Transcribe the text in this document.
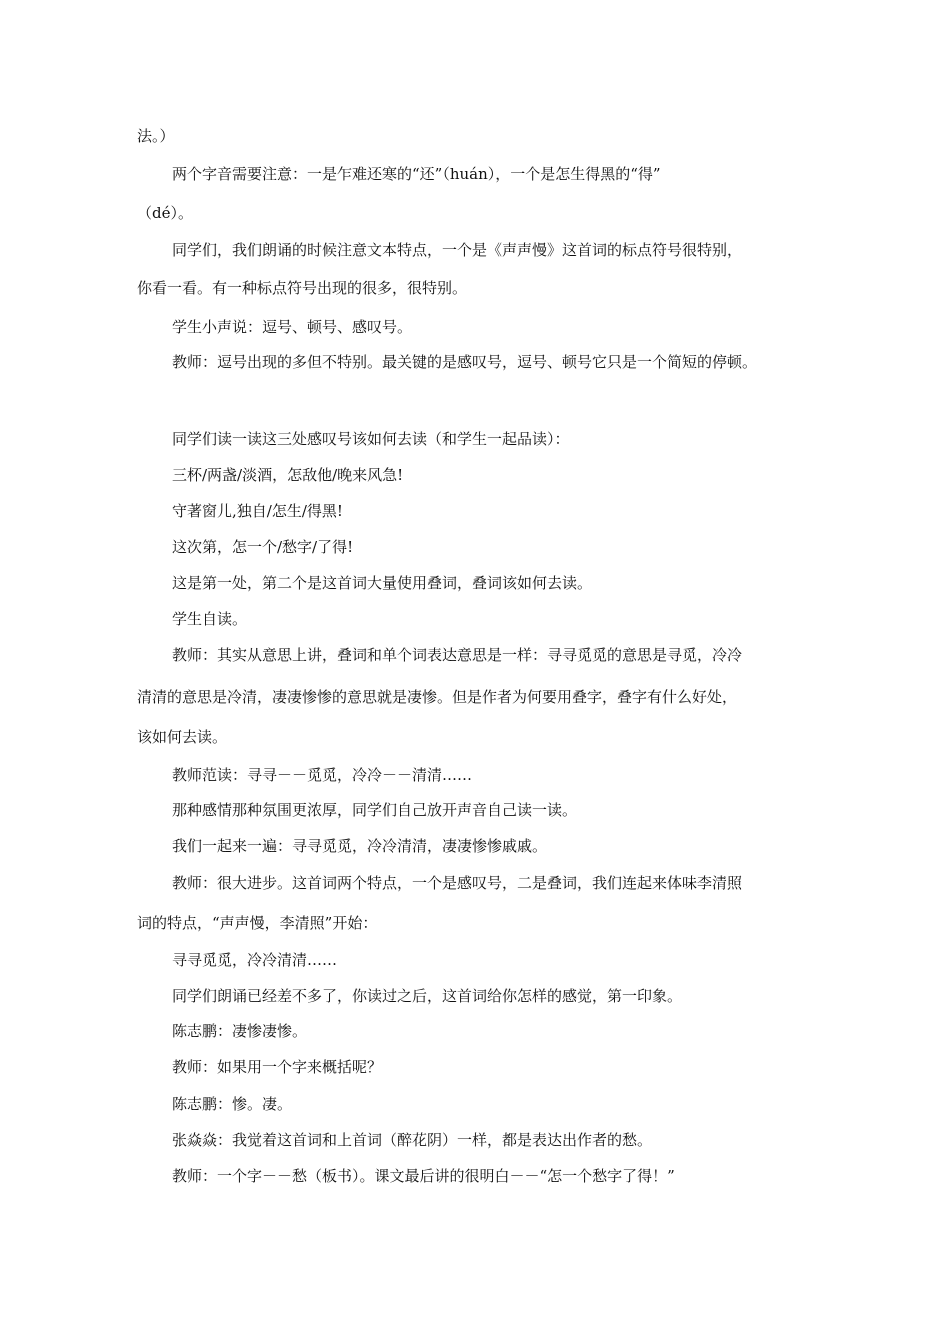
法。）
两个字音需要注意：一是乍难还寒的“还”（huán），一个是怎生得黑的“得”
（dé）。
同学们，我们朗诵的时候注意文本特点，一个是《声声慢》这首词的标点符号很特别，
你看一看。有一种标点符号出现的很多，很特别。
学生小声说：逗号、顿号、感叹号。
教师：逗号出现的多但不特别。最关键的是感叹号，逗号、顿号它只是一个简短的停顿。
同学们读一读这三处感叹号该如何去读（和学生一起品读）：
三杯/两盏/淡酒，怎敌他/晚来风急!
守著窗儿,独自/怎生/得黑!
这次第，怎一个/愁字/了得!
这是第一处，第二个是这首词大量使用叠词，叠词该如何去读。
学生自读。
教师：其实从意思上讲，叠词和单个词表达意思是一样：寻寻觅觅的意思是寻觅，冷冷
清清的意思是冷清，凄凄惨惨的意思就是凄惨。但是作者为何要用叠字，叠字有什么好处，
该如何去读。
教师范读：寻寻－－觅觅，冷冷－－清清……
那种感情那种氛围更浓厚，同学们自己放开声音自己读一读。
我们一起来一遍：寻寻觅觅，冷冷清清，凄凄惨惨戚戚。
教师：很大进步。这首词两个特点，一个是感叹号，二是叠词，我们连起来体味李清照
词的特点，“声声慢，李清照”开始：
寻寻觅觅，冷冷清清……
同学们朗诵已经差不多了，你读过之后，这首词给你怎样的感觉，第一印象。
陈志鹏：凄惨凄惨。
教师：如果用一个字来概括呢？
陈志鹏：惨。凄。
张焱焱：我觉着这首词和上首词（醉花阴）一样，都是表达出作者的愁。
教师：一个字－－愁（板书）。课文最后讲的很明白－－“怎一个愁字了得！”
